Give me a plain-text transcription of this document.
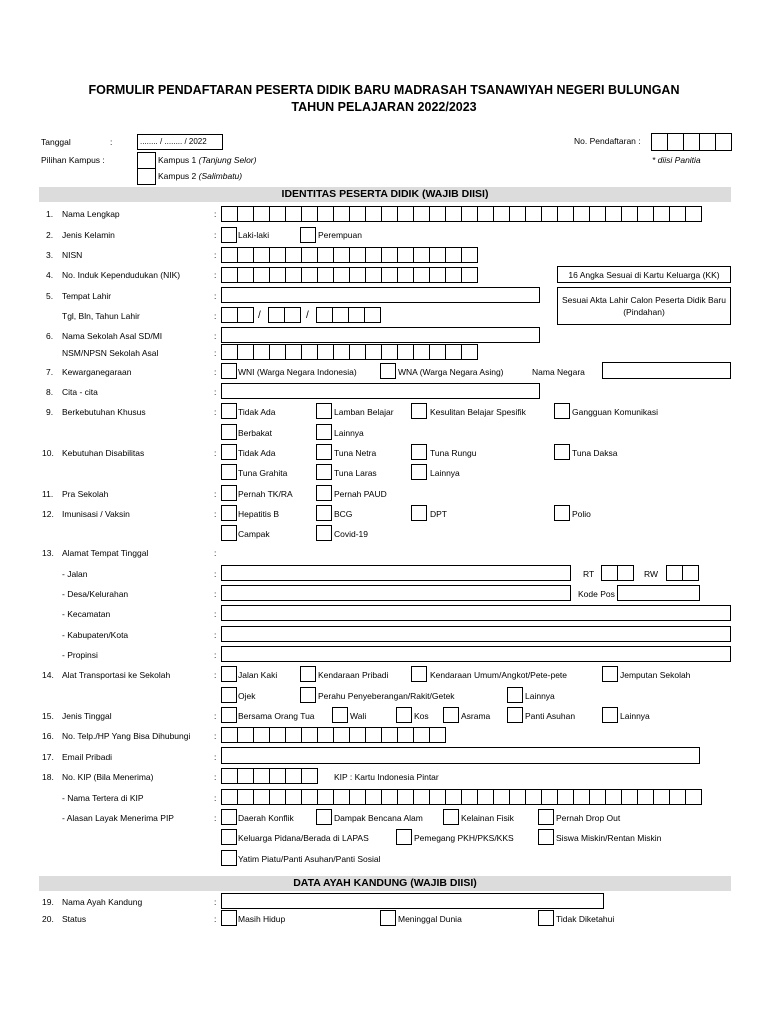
FORMULIR PENDAFTARAN PESERTA DIDIK BARU MADRASAH TSANAWIYAH NEGERI BULUNGAN
TAHUN PELAJARAN 2022/2023
Tanggal	:	........ / ........ / 2022	No. Pendaftaran :
* diisi Panitia
Pilihan Kampus :	Kampus 1 (Tanjung Selor)
Kampus 2 (Salimbatu)
IDENTITAS PESERTA DIDIK (WAJIB DIISI)
1. Nama Lengkap	:
2. Jenis Kelamin	:	Laki-laki	Perempuan
3. NISN	:
4. No. Induk Kependudukan (NIK)	:	16 Angka Sesuai di Kartu Keluarga (KK)
5. Tempat Lahir	:	Sesuai Akta Lahir Calon Peserta Didik Baru (Pindahan)
Tgl, Bln, Tahun Lahir	:	/	/
6. Nama Sekolah Asal SD/MI	:
NSM/NPSN Sekolah Asal	:
7. Kewarganegaraan	:	WNI (Warga Negara Indonesia)	WNA (Warga Negara Asing)	Nama Negara
8. Cita - cita	:
9. Berkebutuhan Khusus	:	Tidak Ada	Lamban Belajar	Kesulitan Belajar Spesifik	Gangguan Komunikasi
Berbakat	Lainnya
10. Kebutuhan Disabilitas	:	Tidak Ada	Tuna Netra	Tuna Rungu	Tuna Daksa
Tuna Grahita	Tuna Laras	Lainnya
11. Pra Sekolah	:	Pernah TK/RA	Pernah PAUD
12. Imunisasi / Vaksin	:	Hepatitis B	BCG	DPT	Polio
Campak	Covid-19
13. Alamat Tempat Tinggal	:
- Jalan	:	RT	RW
- Desa/Kelurahan	:	Kode Pos
- Kecamatan	:
- Kabupaten/Kota	:
- Propinsi	:
14. Alat Transportasi ke Sekolah	:	Jalan Kaki	Kendaraan Pribadi	Kendaraan Umum/Angkot/Pete-pete	Jemputan Sekolah
Ojek	Perahu Penyeberangan/Rakit/Getek	Lainnya
15. Jenis Tinggal	:	Bersama Orang Tua	Wali	Kos	Asrama	Panti Asuhan	Lainnya
16. No. Telp./HP Yang Bisa Dihubungi	:
17. Email Pribadi	:
18. No. KIP (Bila Menerima)	:	KIP : Kartu Indonesia Pintar
- Nama Tertera di KIP	:
- Alasan Layak Menerima PIP	:	Daerah Konflik	Dampak Bencana Alam	Kelainan Fisik	Pernah Drop Out
Keluarga Pidana/Berada di LAPAS	Pemegang PKH/PKS/KKS	Siswa Miskin/Rentan Miskin
Yatim Piatu/Panti Asuhan/Panti Sosial
DATA AYAH KANDUNG (WAJIB DIISI)
19. Nama Ayah Kandung	:
20. Status	:	Masih Hidup	Meninggal Dunia	Tidak Diketahui
